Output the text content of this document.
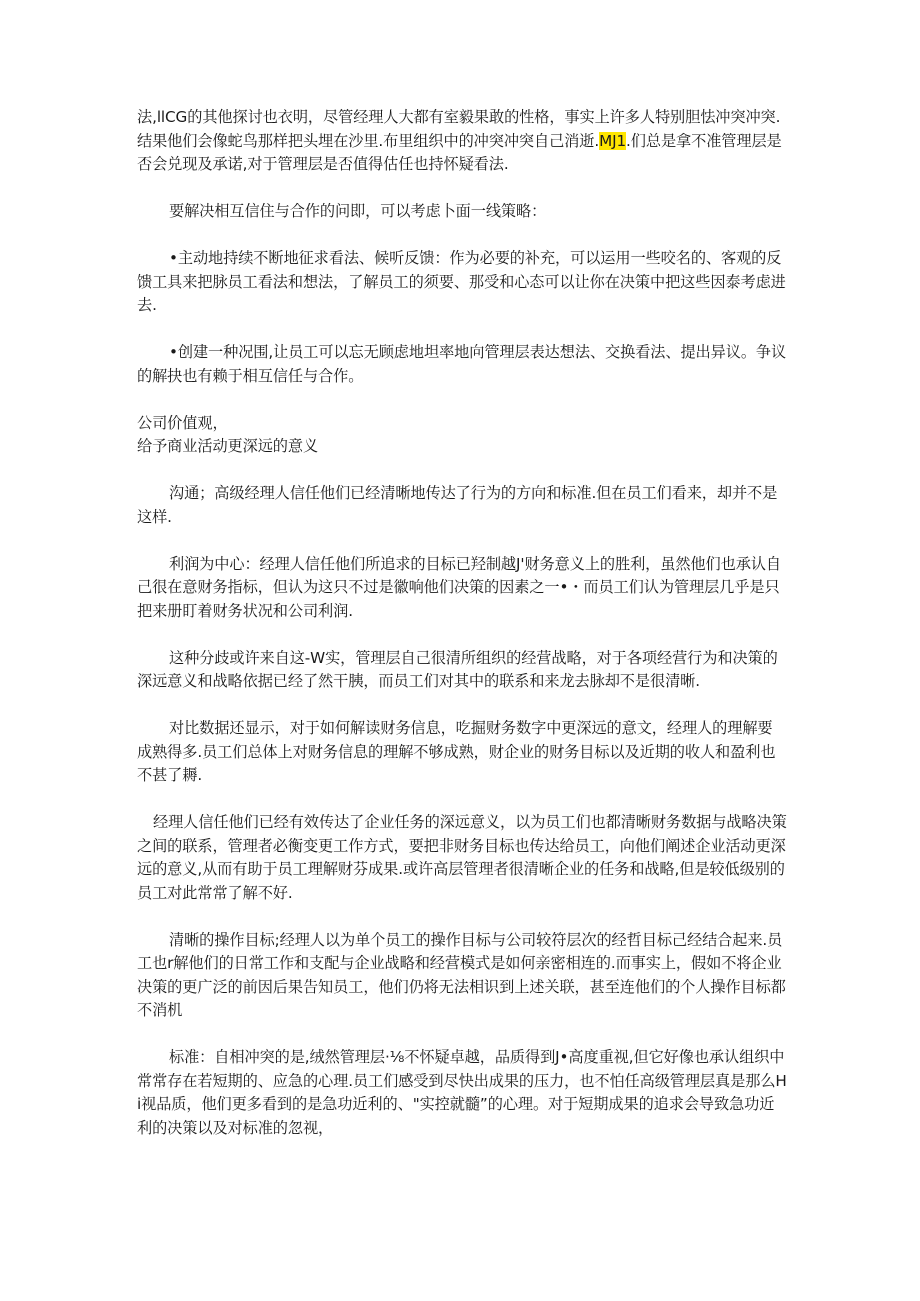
法,llCG的其他探讨也衣明，尽管经理人大都有室毅果敢的性格，事实上许多人特别胆怯冲突冲突.结果他们会像蛇鸟那样把头埋在沙里.布里组织中的冲突冲突自己消逝.MJ1.们总是拿不准管理层是否会兑现及承诺,对于管理层是否值得估任也持怀疑看法.

要解决相互信住与合作的问即，可以考虑卜面一线策略：

•主动地持续不断地征求看法、候听反馈：作为必要的补充，可以运用一些咬名的、客观的反馈工具来把脉员工看法和想法，了解员工的须要、那受和心态可以让你在决策中把这些因泰考虑进去.

•创建一种况围,让员工可以忘无顾虑地坦率地向管理层表达想法、交换看法、提出异议。争议的解抉也有赖于相互信任与合作。

公司价值观，
给予商业活动更深远的意义

沟通；高级经理人信任他们已经清晰地传达了行为的方向和标准.但在员工们看来，却并不是这样.

利润为中心：经理人信任他们所追求的目标已羟制越J'财务意义上的胜利，虽然他们也承认自己很在意财务指标，但认为这只不过是徽响他们决策的因素之一•・而员工们认为管理层几乎是只把来册盯着财务状况和公司利润.

这种分歧或许来自这-W实，管理层自己很清所组织的经营战略，对于各项经营行为和决策的深远意义和战略依据已经了然干胰，而员工们对其中的联系和来龙去脉却不是很清晰.

对比数据还显示，对于如何解读财务信息，吃掘财务数字中更深远的意文，经理人的理解要成熟得多.员工们总体上对财务信息的理解不够成熟，财企业的财务目标以及近期的收人和盈利也不甚了耨.

经理人信任他们已经有效传达了企业任务的深远意义，以为员工们也都清晰财务数据与战略决策之间的联系，管理者必衡变更工作方式，要把非财务目标也传达给员工，向他们阐述企业活动更深远的意义,从而有助于员工理解财芬成果.或许高层管理者很清晰企业的任务和战略,但是较低级别的员工对此常常了解不好.

清晰的操作目标;经理人以为单个员工的操作目标与公司较符层次的经哲目标己经结合起来.员工也r解他们的日常工作和支配与企业战略和经营模式是如何亲密相连的.而事实上，假如不将企业决策的更广泛的前因后果告知员工，他们仍将无法相识到上述关联，甚至连他们的个人操作目标都不消机

标准：自相冲突的是,绒然管理层·⅛不怀疑卓越，品质得到J•高度重视,但它好像也承认组织中常常存在若短期的、应急的心理.员工们感受到尽快出成果的压力，也不怕任高级管理层真是那么Hi视品质，他们更多看到的是急功近利的、"实控就髓”的心理。对于短期成果的追求会导致急功近利的决策以及对标准的忽视，
